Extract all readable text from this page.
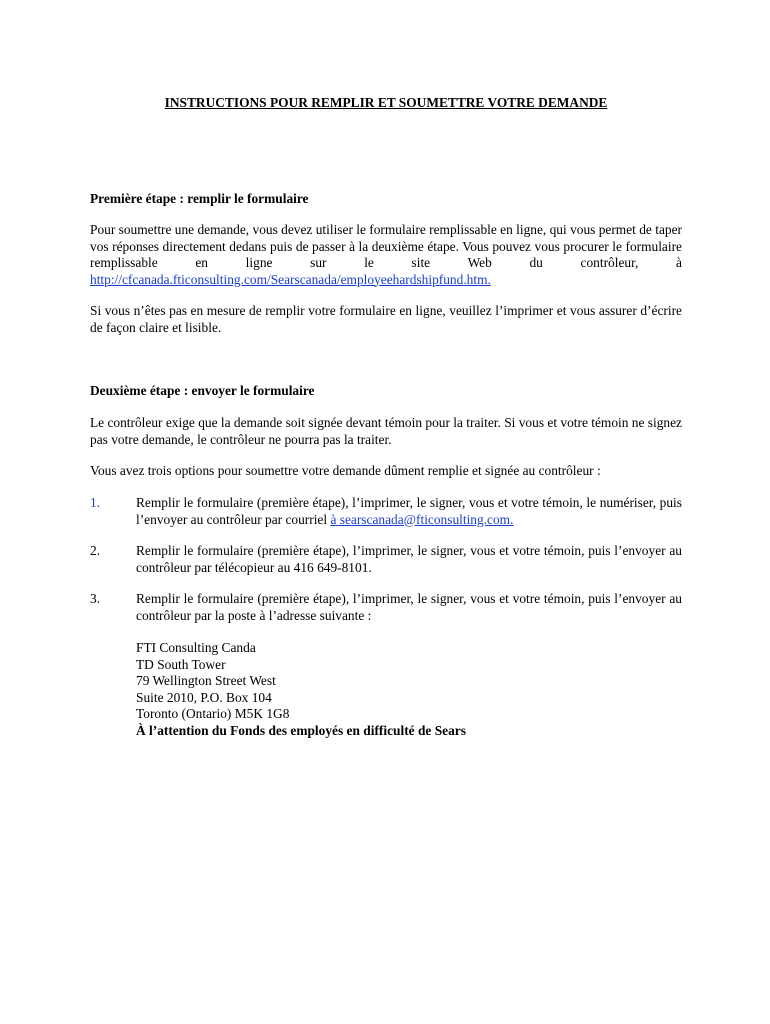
INSTRUCTIONS POUR REMPLIR ET SOUMETTRE VOTRE DEMANDE
Première étape : remplir le formulaire

Pour soumettre une demande, vous devez utiliser le formulaire remplissable en ligne, qui vous permet de taper vos réponses directement dedans puis de passer à la deuxième étape. Vous pouvez vous procurer le formulaire remplissable en ligne sur le site Web du contrôleur, à http://cfcanada.fticonsulting.com/Searscanada/employeehardshipfund.htm.

Si vous n’êtes pas en mesure de remplir votre formulaire en ligne, veuillez l’imprimer et vous assurer d’écrire de façon claire et lisible.

Deuxième étape : envoyer le formulaire

Le contrôleur exige que la demande soit signée devant témoin pour la traiter. Si vous et votre témoin ne signez pas votre demande, le contrôleur ne pourra pas la traiter.

Vous avez trois options pour soumettre votre demande dûment remplie et signée au contrôleur :

1.	Remplir le formulaire (première étape), l’imprimer, le signer, vous et votre témoin, le numériser, puis l’envoyer au contrôleur par courriel à searscanada@fticonsulting.com.
2.	Remplir le formulaire (première étape), l’imprimer, le signer, vous et votre témoin, puis l’envoyer au contrôleur par télécopieur au 416 649-8101.
3.	Remplir le formulaire (première étape), l’imprimer, le signer, vous et votre témoin, puis l’envoyer au contrôleur par la poste à l’adresse suivante :
FTI Consulting Canda
TD South Tower
79 Wellington Street West
Suite 2010, P.O. Box 104
Toronto (Ontario) M5K 1G8
À l’attention du Fonds des employés en difficulté de Sears
